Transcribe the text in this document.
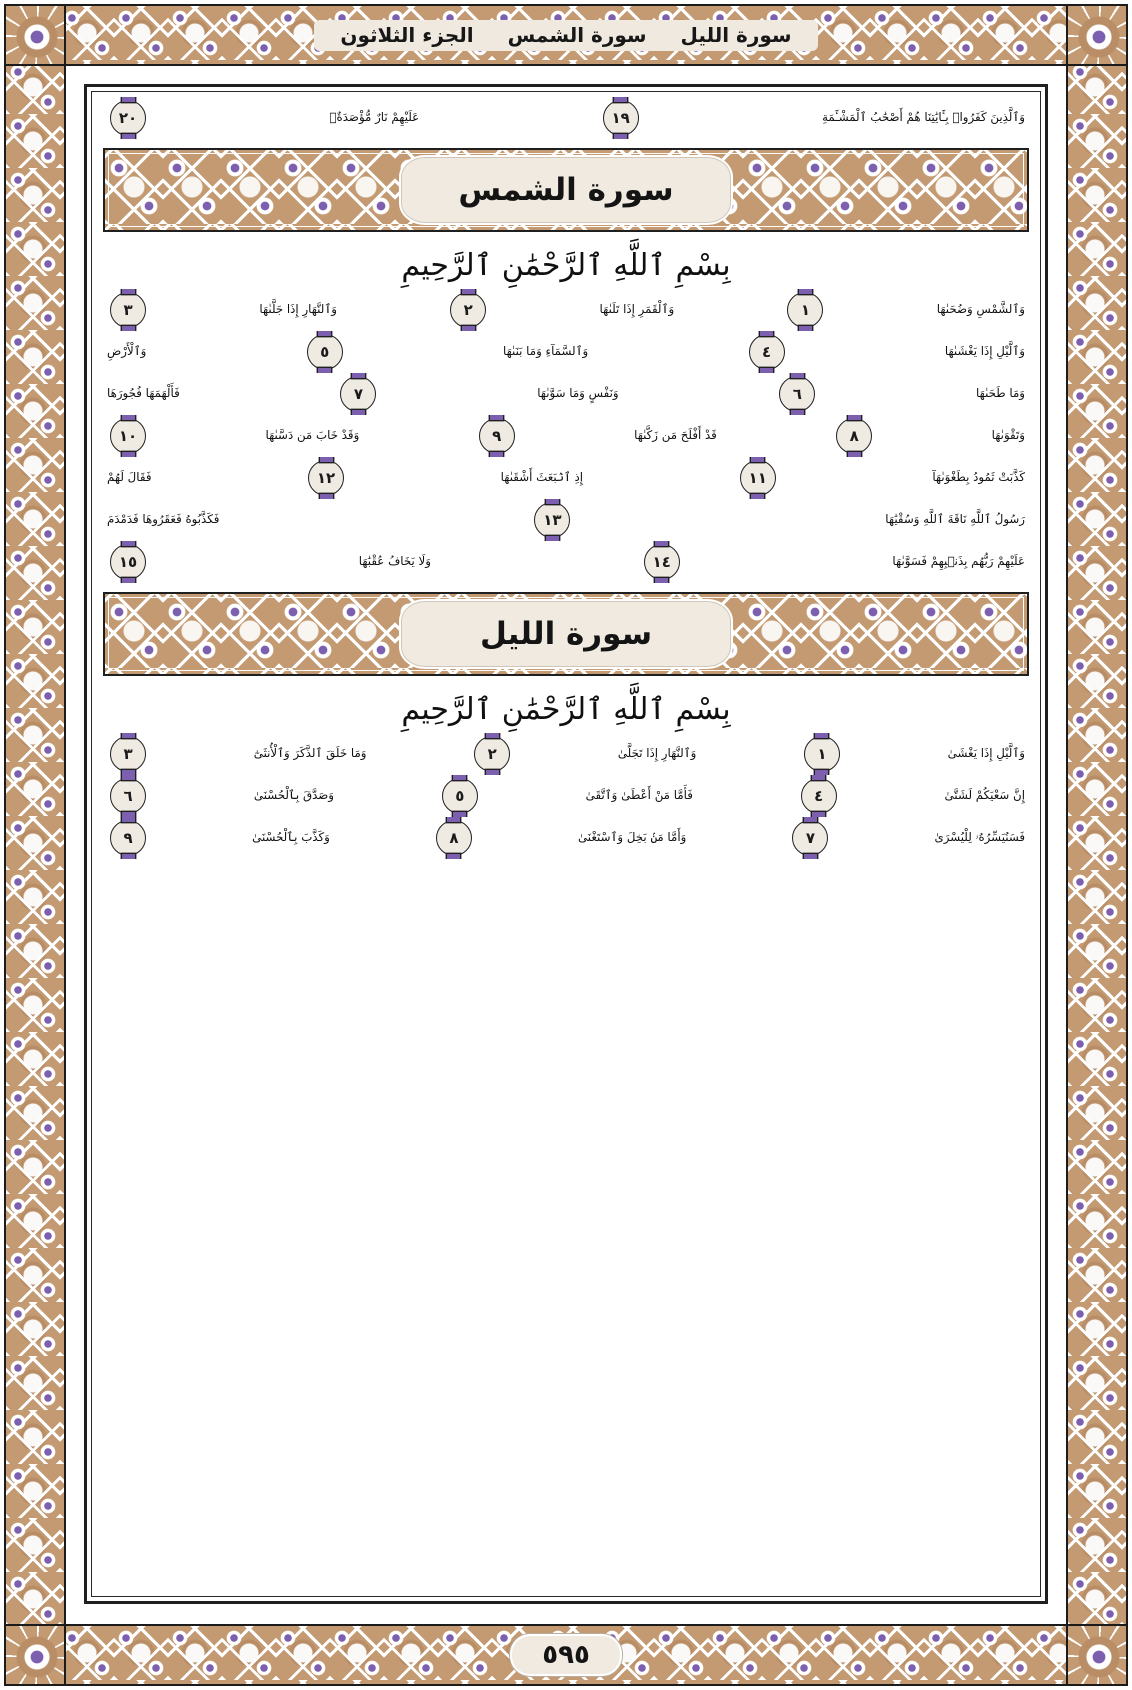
سورة الليل
سورة الشمس
الجزء الثلاثون
وَٱلَّذِينَ كَفَرُوا۟ بِـَٔايَٰتِنَا هُمْ أَصْحَٰبُ ٱلْمَشْـَٔمَةِ
١٩
عَلَيْهِمْ نَارٌ مُّؤْصَدَةٌۢ
٢٠
سورة الشمس
بِسْمِ ٱللَّهِ ٱلرَّحْمَٰنِ ٱلرَّحِيمِ
وَٱلشَّمْسِ وَضُحَىٰهَا
١
وَٱلْقَمَرِ إِذَا تَلَىٰهَا
٢
وَٱلنَّهَارِ إِذَا جَلَّىٰهَا
٣
وَٱلَّيْلِ إِذَا يَغْشَىٰهَا
٤
وَٱلسَّمَآءِ وَمَا بَنَىٰهَا
٥
وَٱلْأَرْضِ
وَمَا طَحَىٰهَا
٦
وَنَفْسٍ وَمَا سَوَّىٰهَا
٧
فَأَلْهَمَهَا فُجُورَهَا
وَتَقْوَىٰهَا
٨
قَدْ أَفْلَحَ مَن زَكَّىٰهَا
٩
وَقَدْ خَابَ مَن دَسَّىٰهَا
١٠
كَذَّبَتْ ثَمُودُ بِطَغْوَىٰهَآ
١١
إِذِ ٱنۢبَعَثَ أَشْقَىٰهَا
١٢
فَقَالَ لَهُمْ
رَسُولُ ٱللَّهِ نَاقَةَ ٱللَّهِ وَسُقْيَٰهَا
١٣
فَكَذَّبُوهُ فَعَقَرُوهَا فَدَمْدَمَ
عَلَيْهِمْ رَبُّهُم بِذَنۢبِهِمْ فَسَوَّىٰهَا
١٤
وَلَا يَخَافُ عُقْبَٰهَا
١٥
سورة الليل
بِسْمِ ٱللَّهِ ٱلرَّحْمَٰنِ ٱلرَّحِيمِ
وَٱلَّيْلِ إِذَا يَغْشَىٰ
١
وَٱلنَّهَارِ إِذَا تَجَلَّىٰ
٢
وَمَا خَلَقَ ٱلذَّكَرَ وَٱلْأُنثَىٰٓ
٣
إِنَّ سَعْيَكُمْ لَشَتَّىٰ
٤
فَأَمَّا مَنْ أَعْطَىٰ وَٱتَّقَىٰ
٥
وَصَدَّقَ بِٱلْحُسْنَىٰ
٦
فَسَنُيَسِّرُهُۥ لِلْيُسْرَىٰ
٧
وَأَمَّا مَنۢ بَخِلَ وَٱسْتَغْنَىٰ
٨
وَكَذَّبَ بِٱلْحُسْنَىٰ
٩
٥٩٥
